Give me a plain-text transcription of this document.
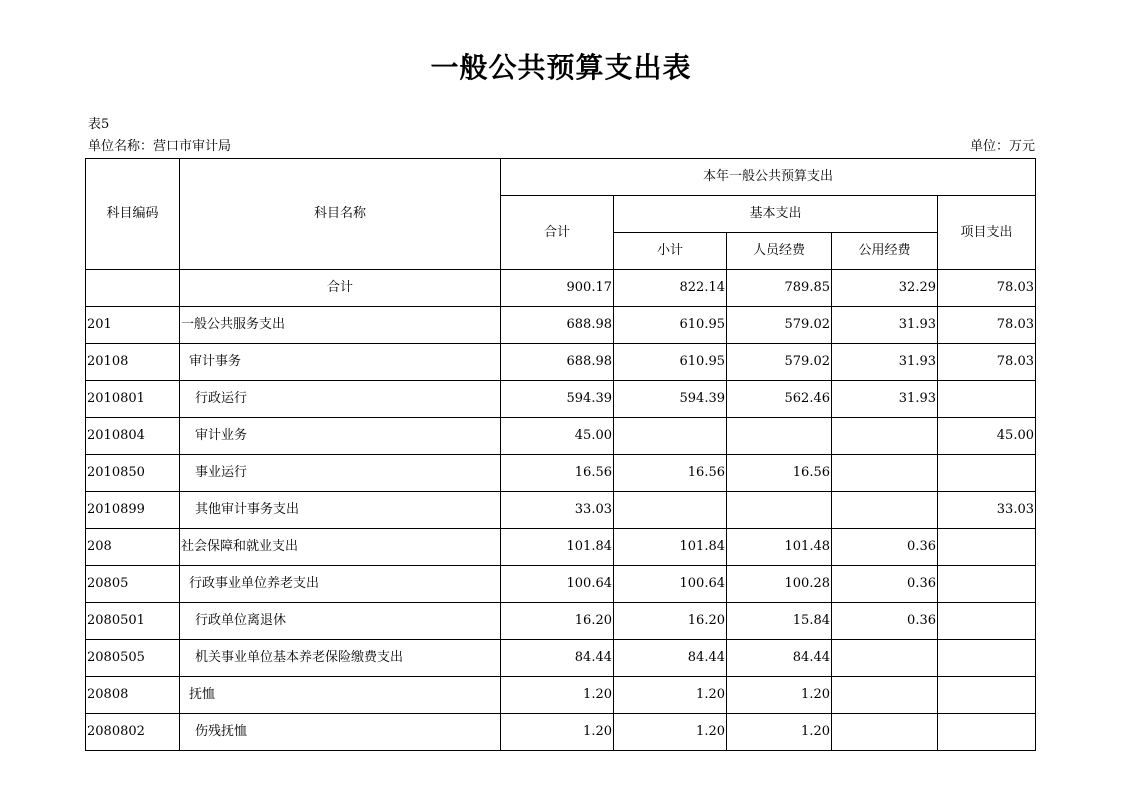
一般公共预算支出表
表5
单位名称：营口市审计局	单位：万元
科目编码	科目名称	本年一般公共预算支出				
		合计	基本支出			项目支出
			小计	人员经费	公用经费	
	合计	900.17	822.14	789.85	32.29	78.03
201	一般公共服务支出	688.98	610.95	579.02	31.93	78.03
20108	审计事务	688.98	610.95	579.02	31.93	78.03
2010801	行政运行	594.39	594.39	562.46	31.93	
2010804	审计业务	45.00				45.00
2010850	事业运行	16.56	16.56	16.56		
2010899	其他审计事务支出	33.03				33.03
208	社会保障和就业支出	101.84	101.84	101.48	0.36	
20805	行政事业单位养老支出	100.64	100.64	100.28	0.36	
2080501	行政单位离退休	16.20	16.20	15.84	0.36	
2080505	机关事业单位基本养老保险缴费支出	84.44	84.44	84.44		
20808	抚恤	1.20	1.20	1.20		
2080802	伤残抚恤	1.20	1.20	1.20		
